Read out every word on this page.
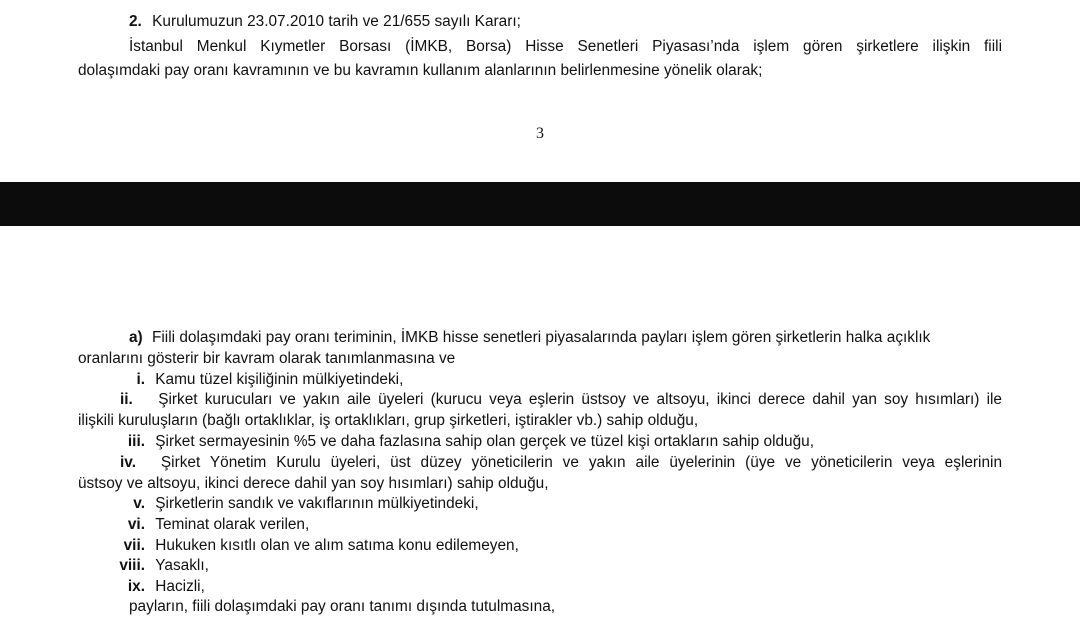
2. Kurulumuzun 23.07.2010 tarih ve 21/655 sayılı Kararı;
İstanbul Menkul Kıymetler Borsası (İMKB, Borsa) Hisse Senetleri Piyasası’nda işlem gören şirketlere ilişkin fiili
dolaşımdaki pay oranı kavramının ve bu kavramın kullanım alanlarının belirlenmesine yönelik olarak;
3
a) Fiili dolaşımdaki pay oranı teriminin, İMKB hisse senetleri piyasalarında payları işlem gören şirketlerin halka açıklık
oranlarını gösterir bir kavram olarak tanımlanmasına ve
i. Kamu tüzel kişiliğinin mülkiyetindeki,
ii. Şirket kurucuları ve yakın aile üyeleri (kurucu veya eşlerin üstsoy ve altsoyu, ikinci derece dahil yan soy hısımları) ile
ilişkili kuruluşların (bağlı ortaklıklar, iş ortaklıkları, grup şirketleri, iştirakler vb.) sahip olduğu,
iii. Şirket sermayesinin %5 ve daha fazlasına sahip olan gerçek ve tüzel kişi ortakların sahip olduğu,
iv. Şirket Yönetim Kurulu üyeleri, üst düzey yöneticilerin ve yakın aile üyelerinin (üye ve yöneticilerin veya eşlerinin
üstsoy ve altsoyu, ikinci derece dahil yan soy hısımları) sahip olduğu,
v. Şirketlerin sandık ve vakıflarının mülkiyetindeki,
vi. Teminat olarak verilen,
vii. Hukuken kısıtlı olan ve alım satıma konu edilemeyen,
viii. Yasaklı,
ix. Hacizli,
payların, fiili dolaşımdaki pay oranı tanımı dışında tutulmasına,
